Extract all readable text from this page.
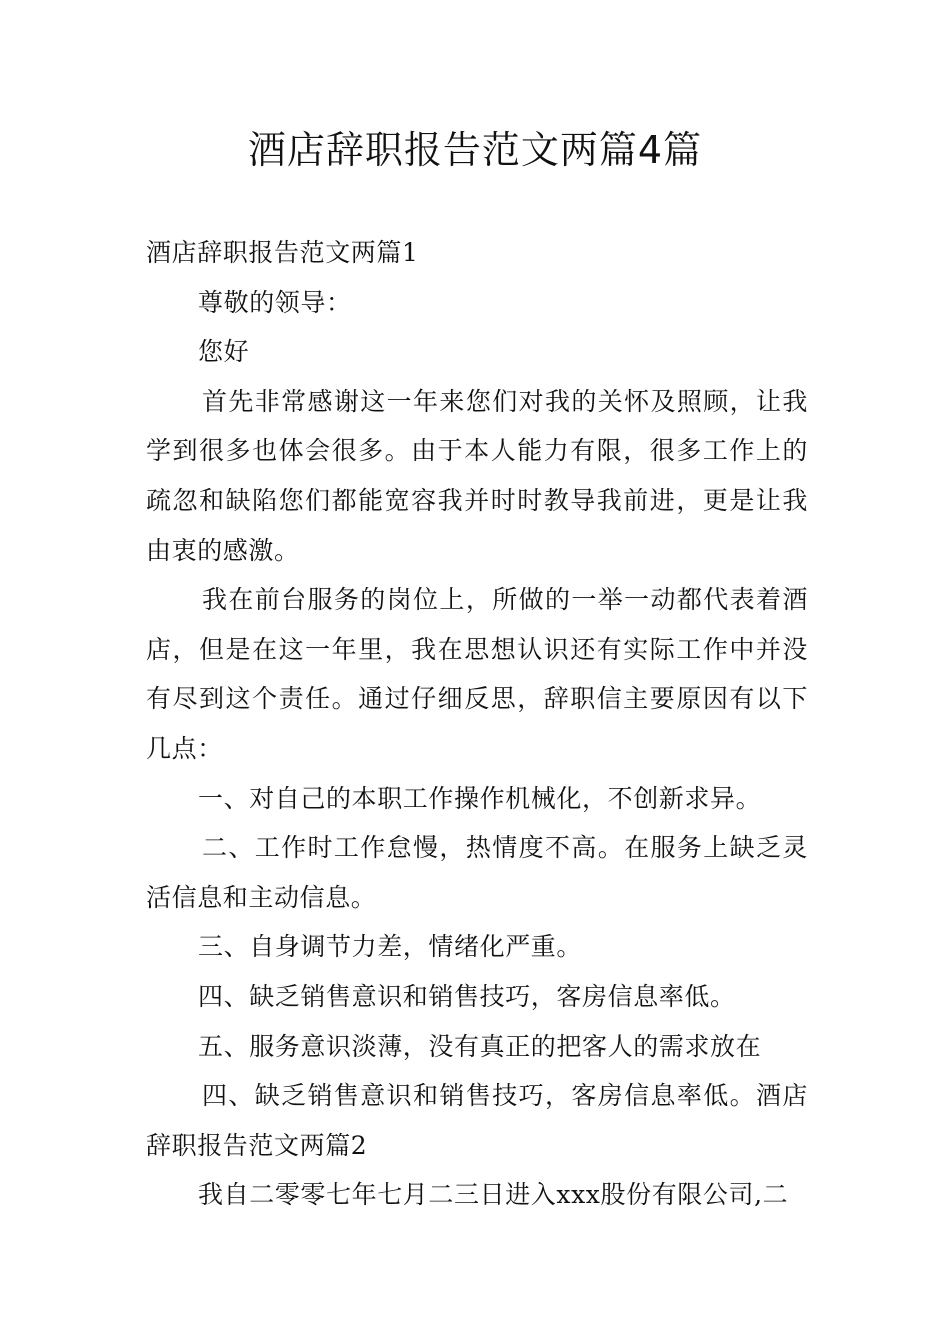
酒店辞职报告范文两篇4篇

酒店辞职报告范文两篇1

尊敬的领导：

您好

首先非常感谢这一年来您们对我的关怀及照顾，让我学到很多也体会很多。由于本人能力有限，很多工作上的疏忽和缺陷您们都能宽容我并时时教导我前进，更是让我由衷的感激。

我在前台服务的岗位上，所做的一举一动都代表着酒店，但是在这一年里，我在思想认识还有实际工作中并没有尽到这个责任。通过仔细反思，辞职信主要原因有以下几点：

一、对自己的本职工作操作机械化，不创新求异。

二、工作时工作怠慢，热情度不高。在服务上缺乏灵活信息和主动信息。

三、自身调节力差，情绪化严重。

四、缺乏销售意识和销售技巧，客房信息率低。

五、服务意识淡薄，没有真正的把客人的需求放在

四、缺乏销售意识和销售技巧，客房信息率低。酒店辞职报告范文两篇2

我自二零零七年七月二三日进入xxx股份有限公司,二
